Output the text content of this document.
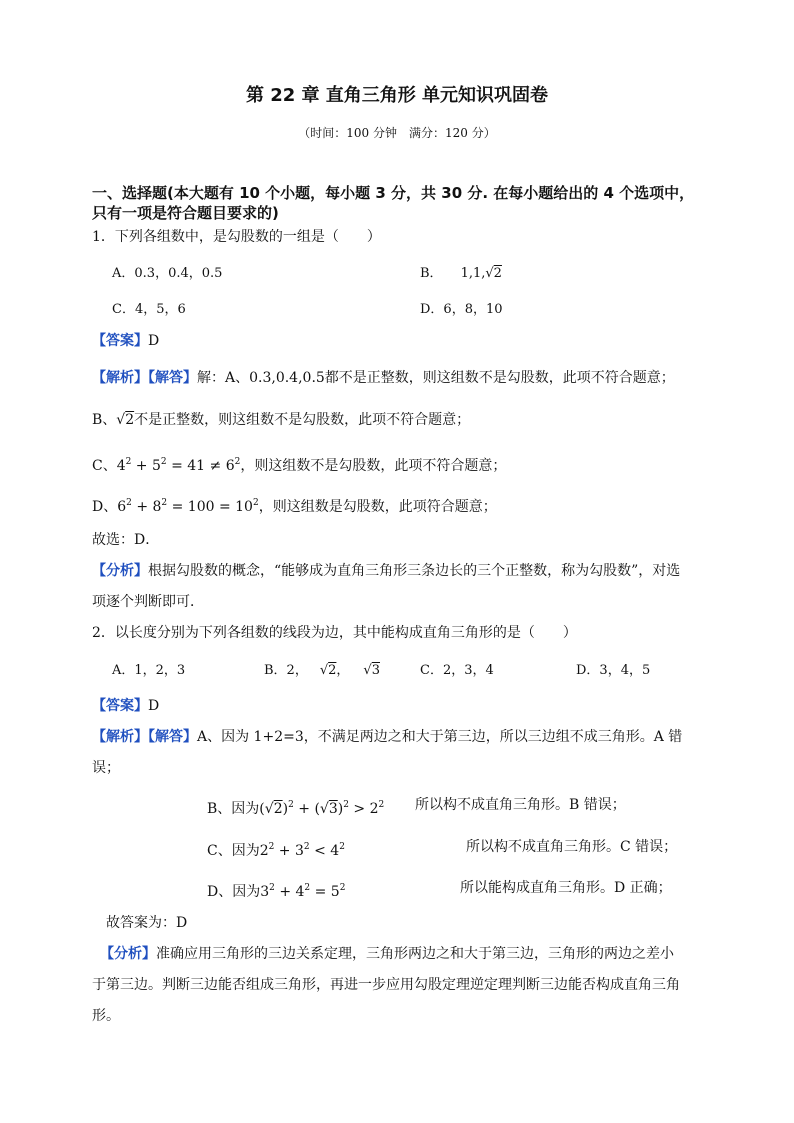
第 22 章 直角三角形 单元知识巩固卷
（时间：100 分钟　满分：120 分）
一、选择题(本大题有 10 个小题，每小题 3 分，共 30 分. 在每小题给出的 4 个选项中，
只有一项是符合题目要求的)
1．下列各组数中，是勾股数的一组是（　　）
A．0.3，0.4，0.5	B． 1,1,√2
C．4，5，6	D．6，8，10
【答案】D
【解析】【解答】解：A、0.3,0.4,0.5都不是正整数，则这组数不是勾股数，此项不符合题意；
B、√2不是正整数，则这组数不是勾股数，此项不符合题意；
C、$4^2 + 5^2 = 41 \ne 6^2$，则这组数不是勾股数，此项不符合题意；
D、$6^2 + 8^2 = 100 = 10^2$，则这组数是勾股数，此项符合题意；
故选：D．
【分析】根据勾股数的概念，“能够成为直角三角形三条边长的三个正整数，称为勾股数”，对选
项逐个判断即可．
2．以长度分别为下列各组数的线段为边，其中能构成直角三角形的是（　　）
A．1，2，3	B．2， √2， √3	C．2，3，4	D．3，4，5
【答案】D
【解析】【解答】A、因为 1+2=3，不满足两边之和大于第三边，所以三边组不成三角形。A 错
误；
B、因为$(√2)^2 + (√3)^2 > 2^2$ 所以构不成直角三角形。B 错误；
C、因为$2^2 + 3^2 < 4^2$	所以构不成直角三角形。C 错误；
D、因为$3^2 + 4^2 = 5^2$	所以能构成直角三角形。D 正确；
故答案为：D
【分析】准确应用三角形的三边关系定理，三角形两边之和大于第三边，三角形的两边之差小
于第三边。判断三边能否组成三角形，再进一步应用勾股定理逆定理判断三边能否构成直角三角
形。
